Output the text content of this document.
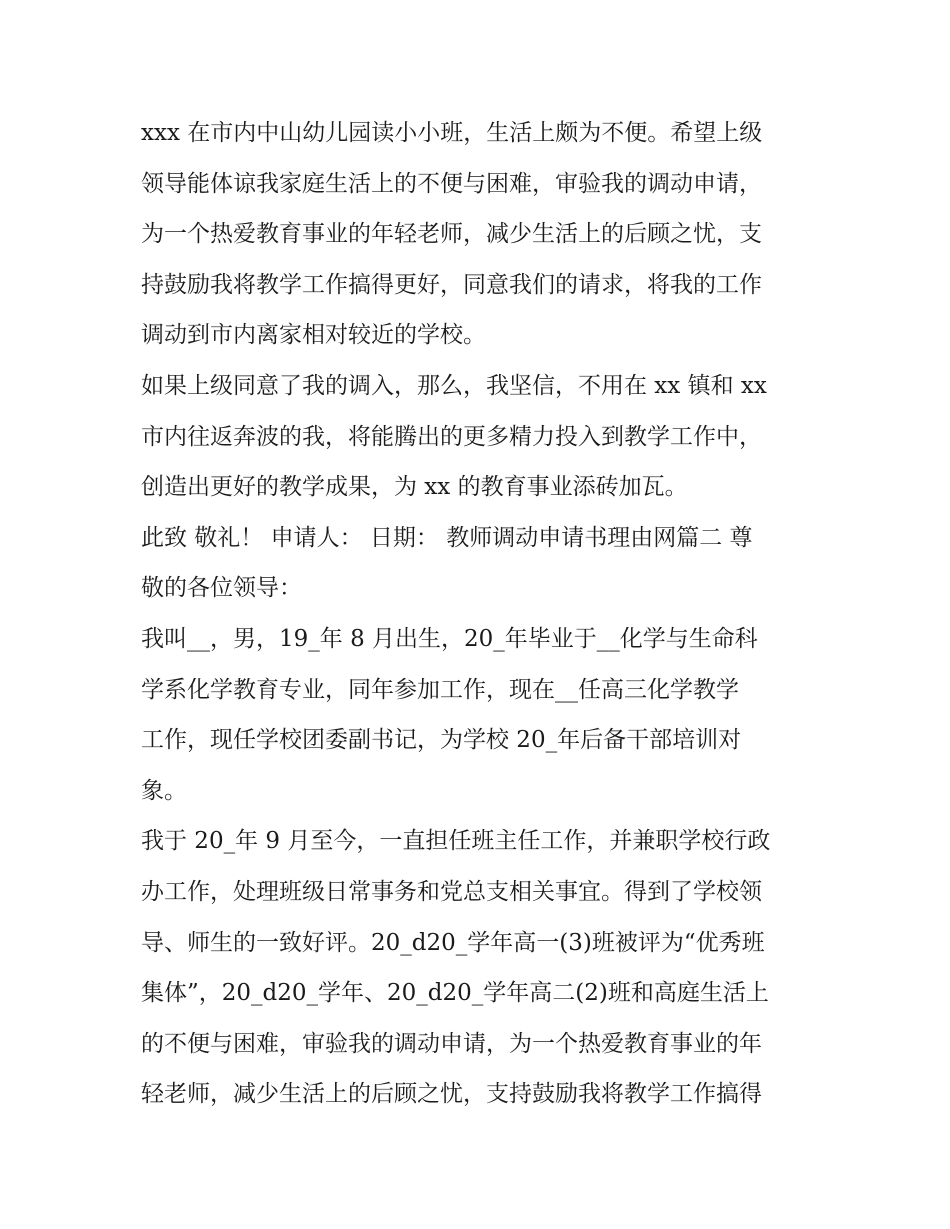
xxx 在市内中山幼儿园读小小班，生活上颇为不便。希望上级
领导能体谅我家庭生活上的不便与困难，审验我的调动申请，
为一个热爱教育事业的年轻老师，减少生活上的后顾之忧，支
持鼓励我将教学工作搞得更好，同意我们的请求，将我的工作
调动到市内离家相对较近的学校。
如果上级同意了我的调入，那么，我坚信，不用在 xx 镇和 xx
市内往返奔波的我，将能腾出的更多精力投入到教学工作中，
创造出更好的教学成果，为 xx 的教育事业添砖加瓦。
此致 敬礼！ 申请人： 日期： 教师调动申请书理由网篇二 尊
敬的各位领导：
我叫__，男，19_年 8 月出生，20_年毕业于__化学与生命科
学系化学教育专业，同年参加工作，现在__任高三化学教学
工作，现任学校团委副书记，为学校 20_年后备干部培训对
象。
我于 20_年 9 月至今，一直担任班主任工作，并兼职学校行政
办工作，处理班级日常事务和党总支相关事宜。得到了学校领
导、师生的一致好评。20_d20_学年高一(3)班被评为“优秀班
集体”，20_d20_学年、20_d20_学年高二(2)班和高庭生活上
的不便与困难，审验我的调动申请，为一个热爱教育事业的年
轻老师，减少生活上的后顾之忧，支持鼓励我将教学工作搞得
